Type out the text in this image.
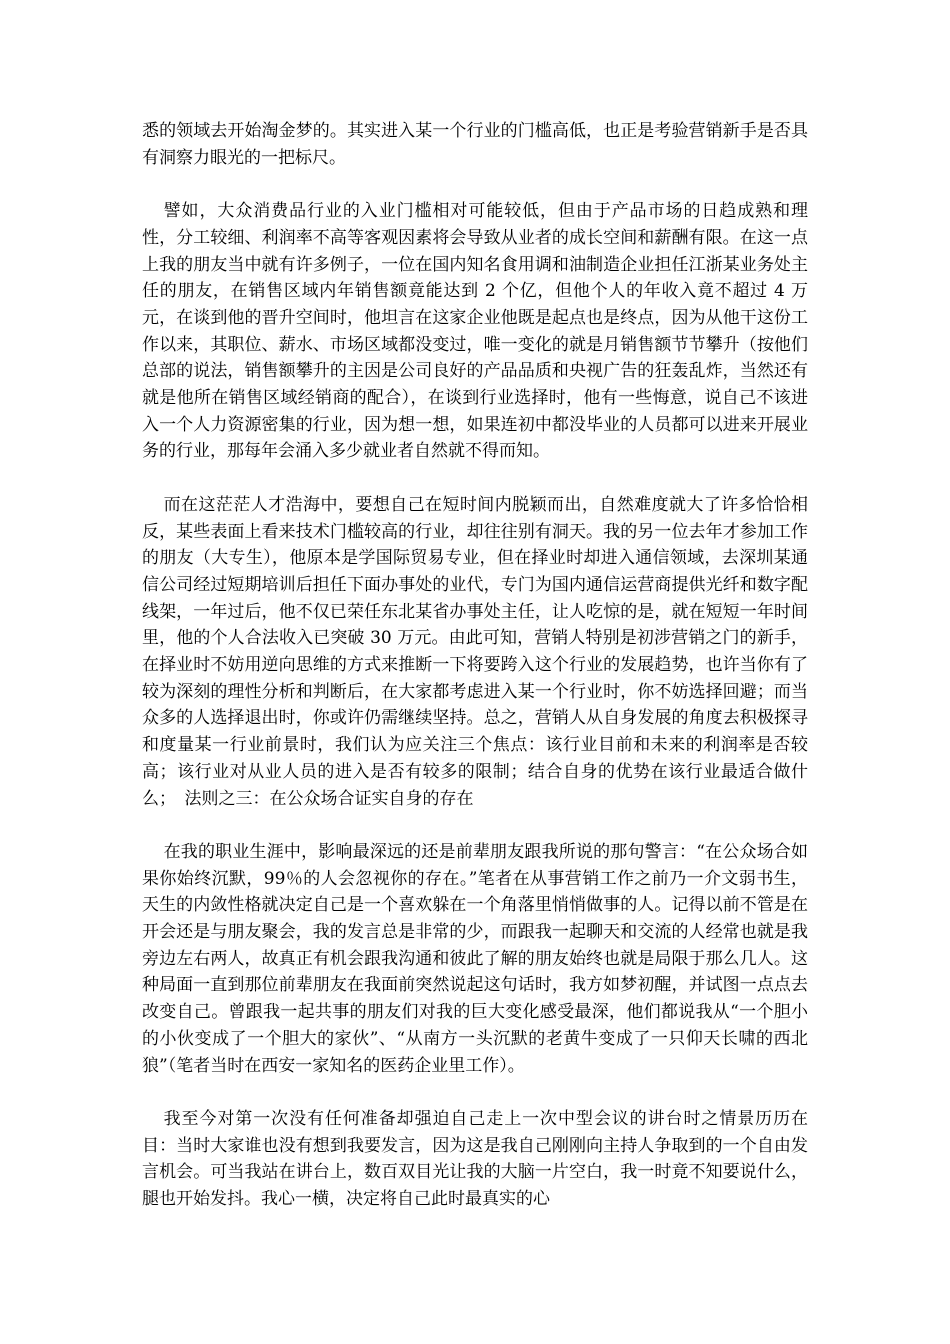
悉的领域去开始淘金梦的。其实进入某一个行业的门槛高低，也正是考验营销新手是否具有洞察力眼光的一把标尺。

譬如，大众消费品行业的入业门槛相对可能较低，但由于产品市场的日趋成熟和理性，分工较细、利润率不高等客观因素将会导致从业者的成长空间和薪酬有限。在这一点上我的朋友当中就有许多例子，一位在国内知名食用调和油制造企业担任江浙某业务处主任的朋友，在销售区域内年销售额竟能达到 2 个亿，但他个人的年收入竟不超过 4 万元，在谈到他的晋升空间时，他坦言在这家企业他既是起点也是终点，因为从他干这份工作以来，其职位、薪水、市场区域都没变过，唯一变化的就是月销售额节节攀升（按他们总部的说法，销售额攀升的主因是公司良好的产品品质和央视广告的狂轰乱炸，当然还有就是他所在销售区域经销商的配合），在谈到行业选择时，他有一些悔意，说自己不该进入一个人力资源密集的行业，因为想一想，如果连初中都没毕业的人员都可以进来开展业务的行业，那每年会涌入多少就业者自然就不得而知。

而在这茫茫人才浩海中，要想自己在短时间内脱颖而出，自然难度就大了许多恰恰相反，某些表面上看来技术门槛较高的行业，却往往别有洞天。我的另一位去年才参加工作的朋友（大专生），他原本是学国际贸易专业，但在择业时却进入通信领域，去深圳某通信公司经过短期培训后担任下面办事处的业代，专门为国内通信运营商提供光纤和数字配线架，一年过后，他不仅已荣任东北某省办事处主任，让人吃惊的是，就在短短一年时间里，他的个人合法收入已突破 30 万元。由此可知，营销人特别是初涉营销之门的新手，在择业时不妨用逆向思维的方式来推断一下将要跨入这个行业的发展趋势，也许当你有了较为深刻的理性分析和判断后，在大家都考虑进入某一个行业时，你不妨选择回避；而当众多的人选择退出时，你或许仍需继续坚持。总之，营销人从自身发展的角度去积极探寻和度量某一行业前景时，我们认为应关注三个焦点：该行业目前和未来的利润率是否较高；该行业对从业人员的进入是否有较多的限制；结合自身的优势在该行业最适合做什么；　法则之三：在公众场合证实自身的存在

在我的职业生涯中，影响最深远的还是前辈朋友跟我所说的那句警言：“在公众场合如果你始终沉默，99％的人会忽视你的存在。”笔者在从事营销工作之前乃一介文弱书生，天生的内敛性格就决定自己是一个喜欢躲在一个角落里悄悄做事的人。记得以前不管是在开会还是与朋友聚会，我的发言总是非常的少，而跟我一起聊天和交流的人经常也就是我旁边左右两人，故真正有机会跟我沟通和彼此了解的朋友始终也就是局限于那么几人。这种局面一直到那位前辈朋友在我面前突然说起这句话时，我方如梦初醒，并试图一点点去改变自己。曾跟我一起共事的朋友们对我的巨大变化感受最深，他们都说我从“一个胆小的小伙变成了一个胆大的家伙”、“从南方一头沉默的老黄牛变成了一只仰天长啸的西北狼”（笔者当时在西安一家知名的医药企业里工作）。

我至今对第一次没有任何准备却强迫自己走上一次中型会议的讲台时之情景历历在目：当时大家谁也没有想到我要发言，因为这是我自己刚刚向主持人争取到的一个自由发言机会。可当我站在讲台上，数百双目光让我的大脑一片空白，我一时竟不知要说什么，腿也开始发抖。我心一横，决定将自己此时最真实的心
